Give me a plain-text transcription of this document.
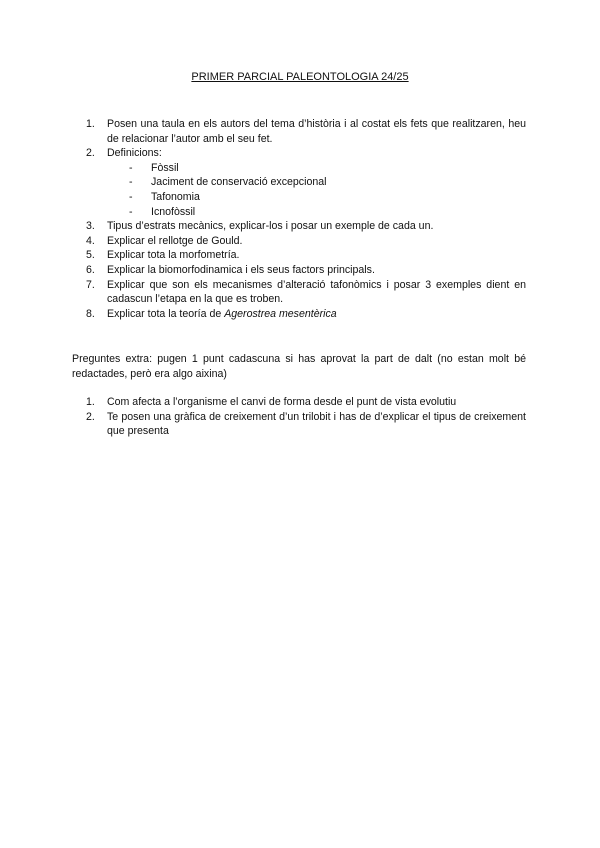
PRIMER PARCIAL PALEONTOLOGIA 24/25
1. Posen una taula en els autors del tema d’història i al costat els fets que realitzaren, heu de relacionar l’autor amb el seu fet.
2. Definicions:
- Fòssil
- Jaciment de conservació excepcional
- Tafonomia
- Icnofòssil
3. Tipus d’estrats mecànics, explicar-los i posar un exemple de cada un.
4. Explicar el rellotge de Gould.
5. Explicar tota la morfometría.
6. Explicar la biomorfodinamica i els seus factors principals.
7. Explicar que son els mecanismes d’alteració tafonòmics i posar 3 exemples dient en cadascun l’etapa en la que es troben.
8. Explicar tota la teoría de Agerostrea mesentèrica
Preguntes extra: pugen 1 punt cadascuna si has aprovat la part de dalt (no estan molt bé redactades, però era algo aixina)
1. Com afecta a l’organisme el canvi de forma desde el punt de vista evolutiu
2. Te posen una gràfica de creixement d’un trilobit i has de d’explicar el tipus de creixement que presenta
